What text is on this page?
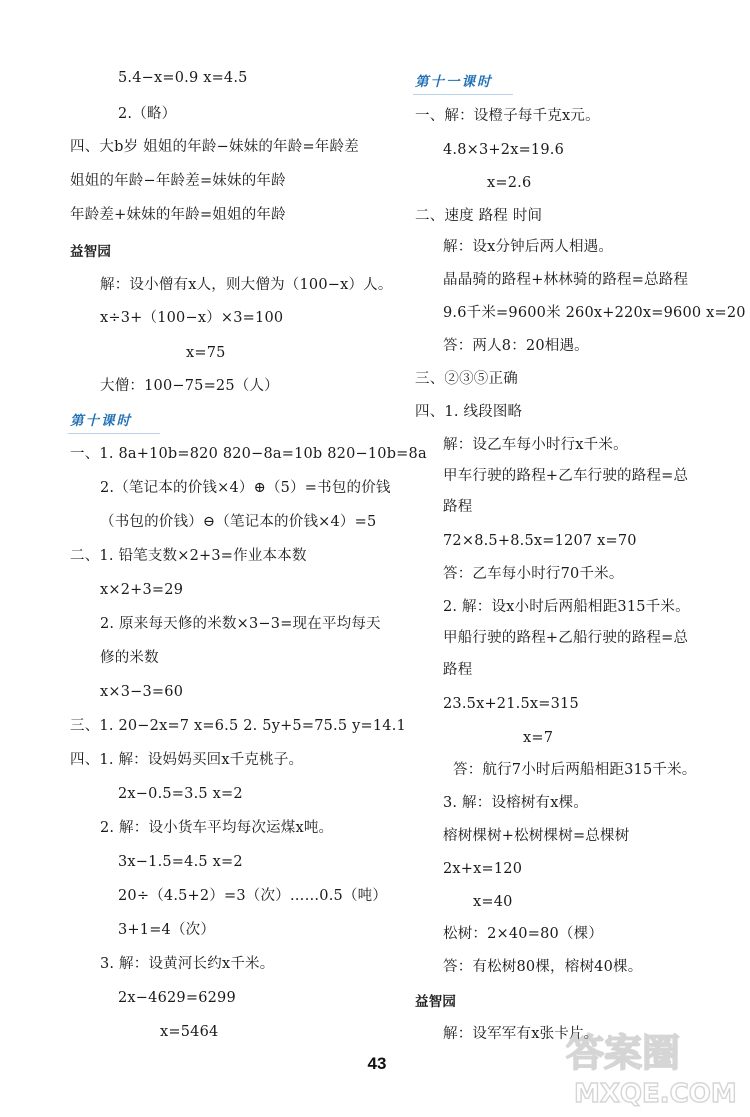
5.4−x=0.9 x=4.5
2.（略）
四、大b岁 姐姐的年龄−妹妹的年龄=年龄差
姐姐的年龄−年龄差=妹妹的年龄
年龄差+妹妹的年龄=姐姐的年龄
益智园
解：设小僧有x人，则大僧为（100−x）人。
x÷3+（100−x）×3=100
x=75
大僧：100−75=25（人）
第十课时
一、1. 8a+10b=820 820−8a=10b 820−10b=8a
2.（笔记本的价钱×4）⊕（5）=书包的价钱
（书包的价钱）⊖（笔记本的价钱×4）=5
二、1. 铅笔支数×2+3=作业本本数
x×2+3=29
2. 原来每天修的米数×3−3=现在平均每天
修的米数
x×3−3=60
三、1. 20−2x=7 x=6.5 2. 5y+5=75.5 y=14.1
四、1. 解：设妈妈买回x千克桃子。
2x−0.5=3.5 x=2
2. 解：设小货车平均每次运煤x吨。
3x−1.5=4.5 x=2
20÷（4.5+2）=3（次）……0.5（吨）
3+1=4（次）
3. 解：设黄河长约x千米。
2x−4629=6299
x=5464
第十一课时
一、解：设橙子每千克x元。
4.8×3+2x=19.6
x=2.6
二、速度 路程 时间
解：设x分钟后两人相遇。
晶晶骑的路程+林林骑的路程=总路程
9.6千米=9600米 260x+220x=9600 x=20
答：两人8：20相遇。
三、②③⑤正确
四、1. 线段图略
解：设乙车每小时行x千米。
甲车行驶的路程+乙车行驶的路程=总
路程
72×8.5+8.5x=1207 x=70
答：乙车每小时行70千米。
2. 解：设x小时后两船相距315千米。
甲船行驶的路程+乙船行驶的路程=总
路程
23.5x+21.5x=315
x=7
答：航行7小时后两船相距315千米。
3. 解：设榕树有x棵。
榕树棵树+松树棵树=总棵树
2x+x=120
x=40
松树：2×40=80（棵）
答：有松树80棵，榕树40棵。
益智园
解：设军军有x张卡片。
43	答案圈
MXQE.COM
